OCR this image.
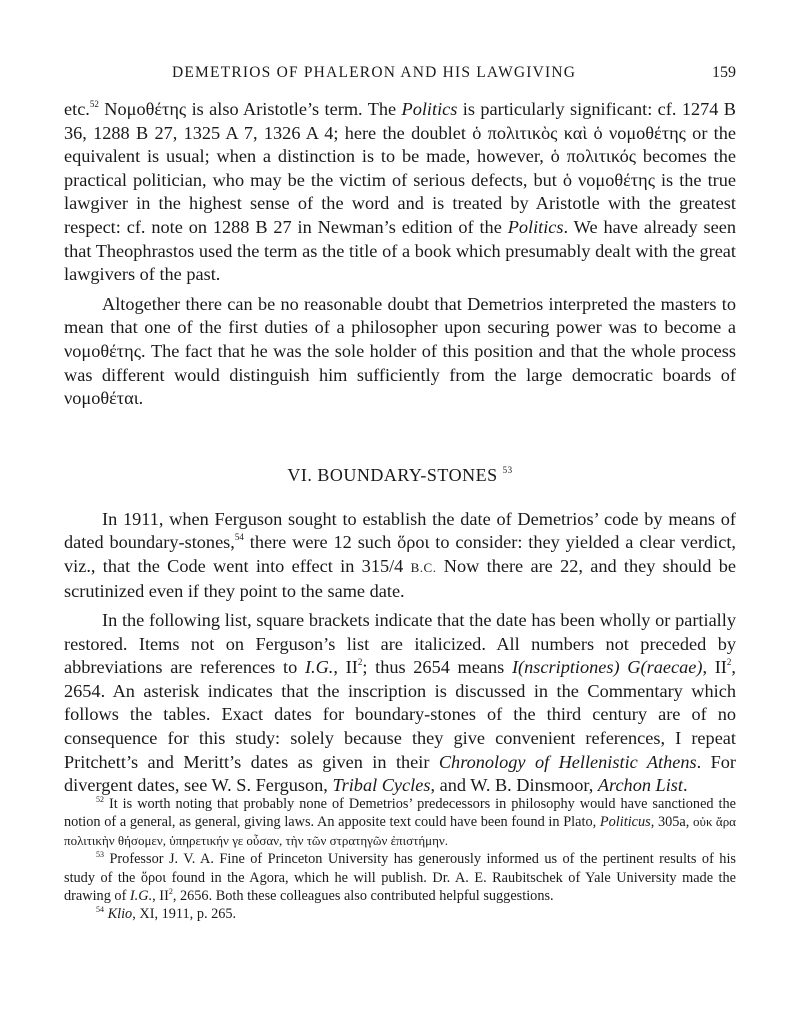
DEMETRIOS OF PHALERON AND HIS LAWGIVING	159

etc.$^{52}$ Νομοθέτης is also Aristotle’s term. The Politics is particularly significant: cf. 1274 B 36, 1288 B 27, 1325 A 7, 1326 A 4; here the doublet ὁ πολιτικὸς καὶ ὁ νομοθέτης or the equivalent is usual; when a distinction is to be made, however, ὁ πολιτικός becomes the practical politician, who may be the victim of serious defects, but ὁ νομοθέτης is the true lawgiver in the highest sense of the word and is treated by Aristotle with the greatest respect: cf. note on 1288 B 27 in Newman’s edition of the Politics. We have already seen that Theophrastos used the term as the title of a book which presumably dealt with the great lawgivers of the past.

Altogether there can be no reasonable doubt that Demetrios interpreted the masters to mean that one of the first duties of a philosopher upon securing power was to become a νομοθέτης. The fact that he was the sole holder of this position and that the whole process was different would distinguish him sufficiently from the large democratic boards of νομοθέται.

VI. BOUNDARY-STONES $^{53}$

In 1911, when Ferguson sought to establish the date of Demetrios’ code by means of dated boundary-stones,$^{54}$ there were 12 such ὅροι to consider: they yielded a clear verdict, viz., that the Code went into effect in 315/4 B.C. Now there are 22, and they should be scrutinized even if they point to the same date.

In the following list, square brackets indicate that the date has been wholly or partially restored. Items not on Ferguson’s list are italicized. All numbers not preceded by abbreviations are references to I.G., $II^2$; thus 2654 means I(nscriptiones) G(raecae), $II^2$, 2654. An asterisk indicates that the inscription is discussed in the Commentary which follows the tables. Exact dates for boundary-stones of the third century are of no consequence for this study: solely because they give convenient references, I repeat Pritchett’s and Meritt’s dates as given in their Chronology of Hellenistic Athens. For divergent dates, see W. S. Ferguson, Tribal Cycles, and W. B. Dinsmoor, Archon List.

$^{52}$ It is worth noting that probably none of Demetrios’ predecessors in philosophy would have sanctioned the notion of a general, as general, giving laws. An apposite text could have been found in Plato, Politicus, 305a, οὐκ ἄρα πολιτικὴν θήσομεν, ὑπηρετικήν γε οὖσαν, τὴν τῶν στρατηγῶν ἐπιστήμην.

$^{53}$ Professor J. V. A. Fine of Princeton University has generously informed us of the pertinent results of his study of the ὅροι found in the Agora, which he will publish. Dr. A. E. Raubitschek of Yale University made the drawing of I.G., $II^2$, 2656. Both these colleagues also contributed helpful suggestions.

$^{54}$ Klio, XI, 1911, p. 265.
